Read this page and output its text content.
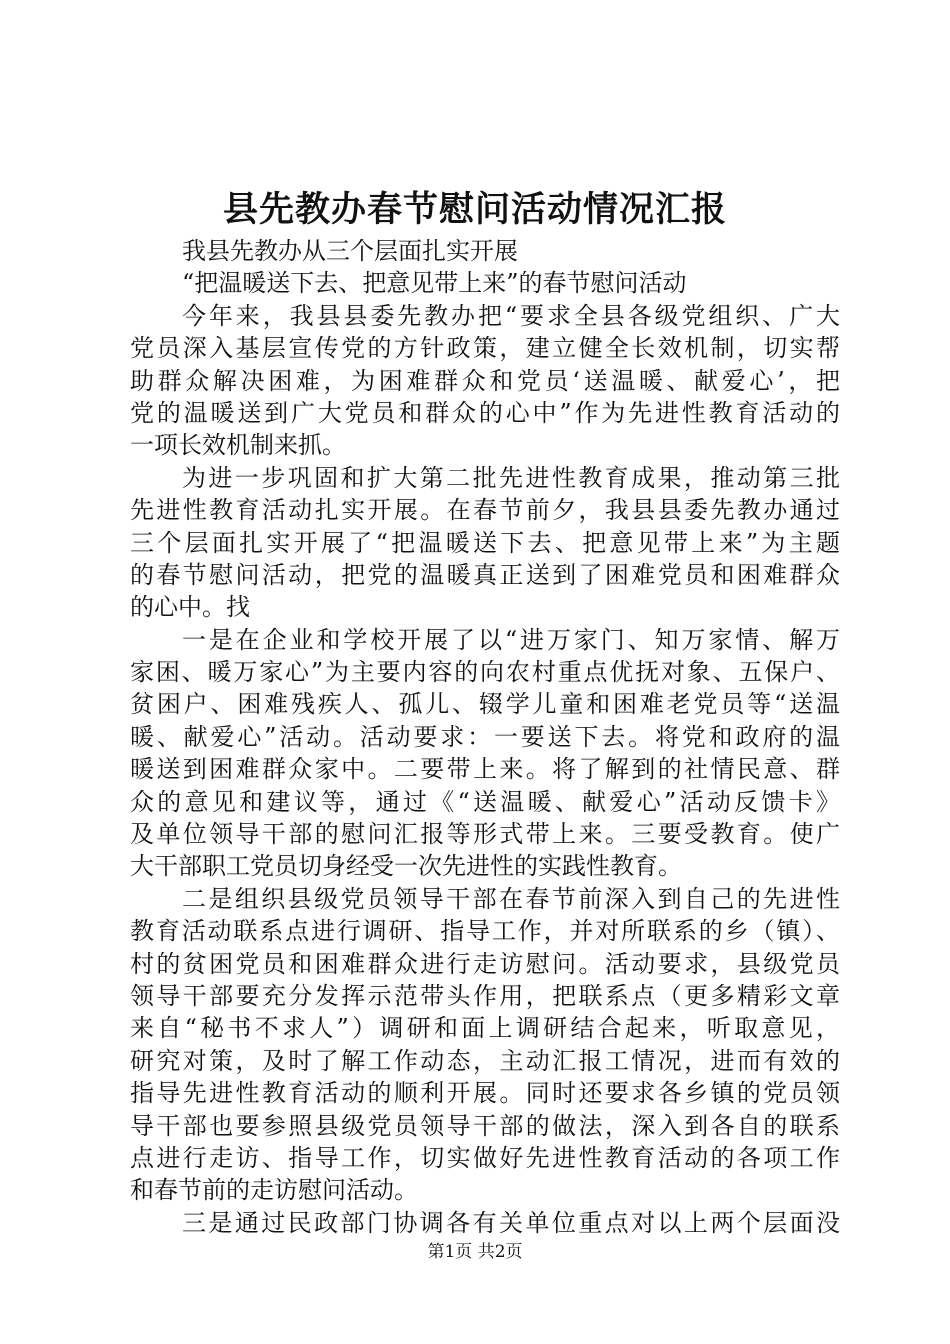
县先教办春节慰问活动情况汇报
我县先教办从三个层面扎实开展
“把温暖送下去、把意见带上来”的春节慰问活动
今年来，我县县委先教办把“要求全县各级党组织、广大
党员深入基层宣传党的方针政策，建立健全长效机制，切实帮
助群众解决困难，为困难群众和党员‘送温暖、献爱心’，把
党的温暖送到广大党员和群众的心中”作为先进性教育活动的
一项长效机制来抓。
为进一步巩固和扩大第二批先进性教育成果，推动第三批
先进性教育活动扎实开展。在春节前夕，我县县委先教办通过
三个层面扎实开展了“把温暖送下去、把意见带上来”为主题
的春节慰问活动，把党的温暖真正送到了困难党员和困难群众
的心中。找
一是在企业和学校开展了以“进万家门、知万家情、解万
家困、暖万家心”为主要内容的向农村重点优抚对象、五保户、
贫困户、困难残疾人、孤儿、辍学儿童和困难老党员等“送温
暖、献爱心”活动。活动要求：一要送下去。将党和政府的温
暖送到困难群众家中。二要带上来。将了解到的社情民意、群
众的意见和建议等，通过《“送温暖、献爱心”活动反馈卡》
及单位领导干部的慰问汇报等形式带上来。三要受教育。使广
大干部职工党员切身经受一次先进性的实践性教育。
二是组织县级党员领导干部在春节前深入到自己的先进性
教育活动联系点进行调研、指导工作，并对所联系的乡（镇）、
村的贫困党员和困难群众进行走访慰问。活动要求，县级党员
领导干部要充分发挥示范带头作用，把联系点（更多精彩文章
来自“秘书不求人”）调研和面上调研结合起来，听取意见，
研究对策，及时了解工作动态，主动汇报工情况，进而有效的
指导先进性教育活动的顺利开展。同时还要求各乡镇的党员领
导干部也要参照县级党员领导干部的做法，深入到各自的联系
点进行走访、指导工作，切实做好先进性教育活动的各项工作
和春节前的走访慰问活动。
三是通过民政部门协调各有关单位重点对以上两个层面没
第1页 共2页
